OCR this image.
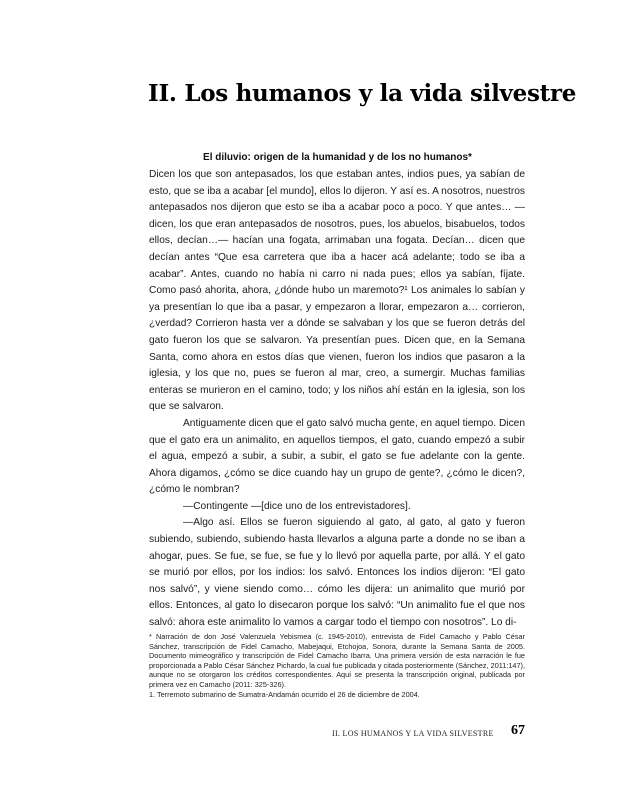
II. Los humanos y la vida silvestre
El diluvio: origen de la humanidad y de los no humanos*

Dicen los que son antepasados, los que estaban antes, indios pues, ya sabían de esto, que se iba a acabar [el mundo], ellos lo dijeron. Y así es. A nosotros, nuestros antepasados nos dijeron que esto se iba a acabar poco a poco. Y que antes… —dicen, los que eran antepasados de nosotros, pues, los abuelos, bisabuelos, todos ellos, decían…— hacían una fogata, arrimaban una fogata. Decían… dicen que decían antes “Que esa carretera que iba a hacer acá adelante; todo se iba a acabar”. Antes, cuando no había ni carro ni nada pues; ellos ya sabían, fíjate. Como pasó ahorita, ahora, ¿dónde hubo un maremoto?¹ Los animales lo sabían y ya presentían lo que iba a pasar, y empezaron a llorar, empezaron a… corrieron, ¿verdad? Corrieron hasta ver a dónde se salvaban y los que se fueron detrás del gato fueron los que se salvaron. Ya presentían pues. Dicen que, en la Semana Santa, como ahora en estos días que vienen, fueron los indios que pasaron a la iglesia, y los que no, pues se fueron al mar, creo, a sumergir. Muchas familias enteras se murieron en el camino, todo; y los niños ahí están en la iglesia, son los que se salvaron.

Antiguamente dicen que el gato salvó mucha gente, en aquel tiempo. Dicen que el gato era un animalito, en aquellos tiempos, el gato, cuando empezó a subir el agua, empezó a subir, a subir, a subir, el gato se fue adelante con la gente. Ahora digamos, ¿cómo se dice cuando hay un grupo de gente?, ¿cómo le dicen?, ¿cómo le nombran?

—Contingente —[dice uno de los entrevistadores].

—Algo así. Ellos se fueron siguiendo al gato, al gato, al gato y fueron subiendo, subiendo, subiendo hasta llevarlos a alguna parte a donde no se iban a ahogar, pues. Se fue, se fue, se fue y lo llevó por aquella parte, por allá. Y el gato se murió por ellos, por los indios: los salvó. Entonces los indios dijeron: “El gato nos salvó”, y viene siendo como… cómo les dijera: un animalito que murió por ellos. Entonces, al gato lo disecaron porque los salvó: “Un animalito fue el que nos salvó: ahora este animalito lo vamos a cargar todo el tiempo con nosotros”. Lo di-

* Narración de don José Valenzuela Yebismea (c. 1945-2010), entrevista de Fidel Camacho y Pablo César Sánchez, transcripción de Fidel Camacho, Mabejaqui, Etchojoa, Sonora, durante la Semana Santa de 2005. Documento mimeográfico y transcripción de Fidel Camacho Ibarra. Una primera versión de esta narración le fue proporcionada a Pablo César Sánchez Pichardo, la cual fue publicada y citada posteriormente (Sánchez, 2011:147), aunque no se otorgaron los créditos correspondientes. Aquí se presenta la transcripción original, publicada por primera vez en Camacho (2011: 325-326).

1. Terremoto submarino de Sumatra-Andamán ocurrido el 26 de diciembre de 2004.

II. LOS HUMANOS Y LA VIDA SILVESTRE 67
